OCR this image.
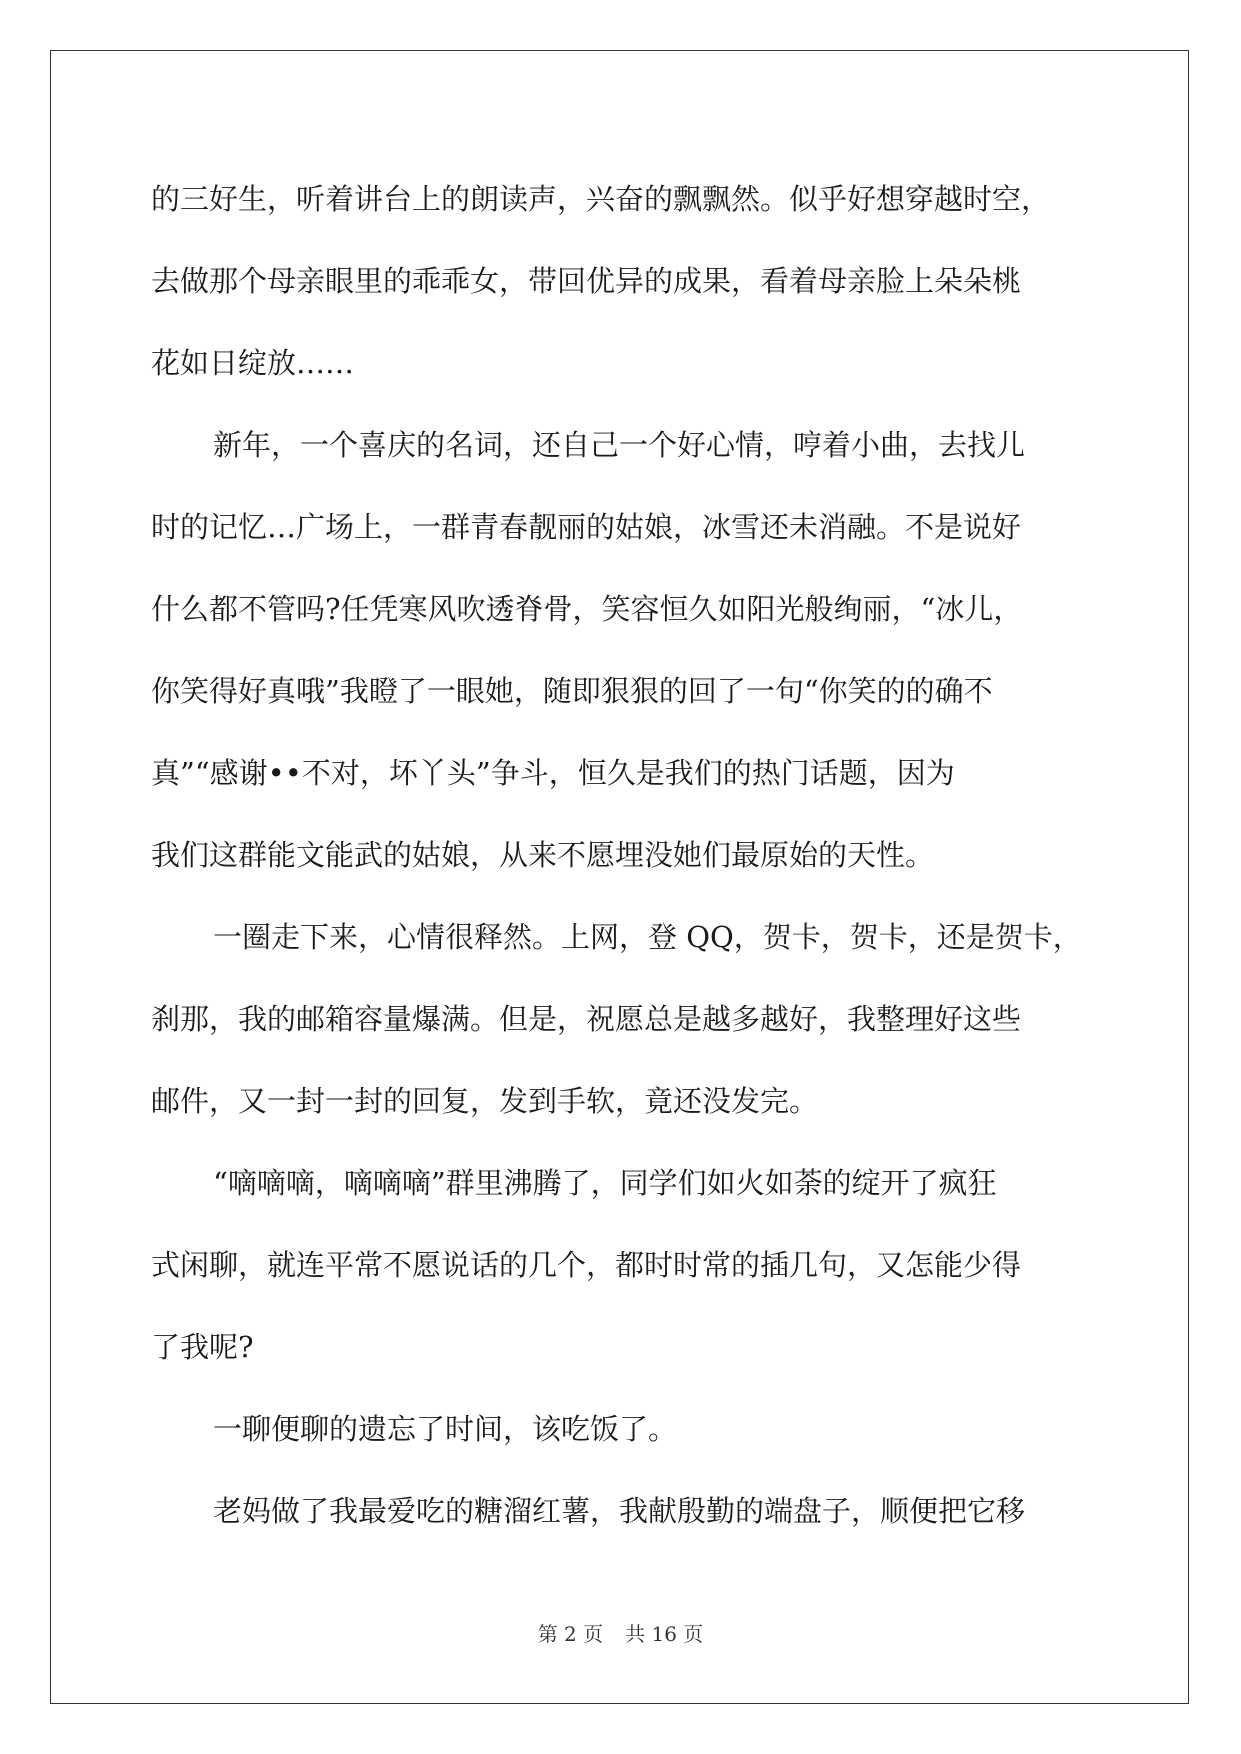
的三好生，听着讲台上的朗读声，兴奋的飘飘然。似乎好想穿越时空，
去做那个母亲眼里的乖乖女，带回优异的成果，看着母亲脸上朵朵桃
花如日绽放……
新年，一个喜庆的名词，还自己一个好心情，哼着小曲，去找儿
时的记忆…广场上，一群青春靓丽的姑娘，冰雪还未消融。不是说好
什么都不管吗?任凭寒风吹透脊骨，笑容恒久如阳光般绚丽，“冰儿，
你笑得好真哦”我瞪了一眼她，随即狠狠的回了一句“你笑的的确不
真”“感谢••不对，坏丫头”争斗，恒久是我们的热门话题，因为
我们这群能文能武的姑娘，从来不愿埋没她们最原始的天性。
一圈走下来，心情很释然。上网，登 QQ，贺卡，贺卡，还是贺卡，
刹那，我的邮箱容量爆满。但是，祝愿总是越多越好，我整理好这些
邮件，又一封一封的回复，发到手软，竟还没发完。
“嘀嘀嘀，嘀嘀嘀”群里沸腾了，同学们如火如荼的绽开了疯狂
式闲聊，就连平常不愿说话的几个，都时时常的插几句，又怎能少得
了我呢?
一聊便聊的遗忘了时间，该吃饭了。
老妈做了我最爱吃的糖溜红薯，我献殷勤的端盘子，顺便把它移
第 2 页 共 16 页
